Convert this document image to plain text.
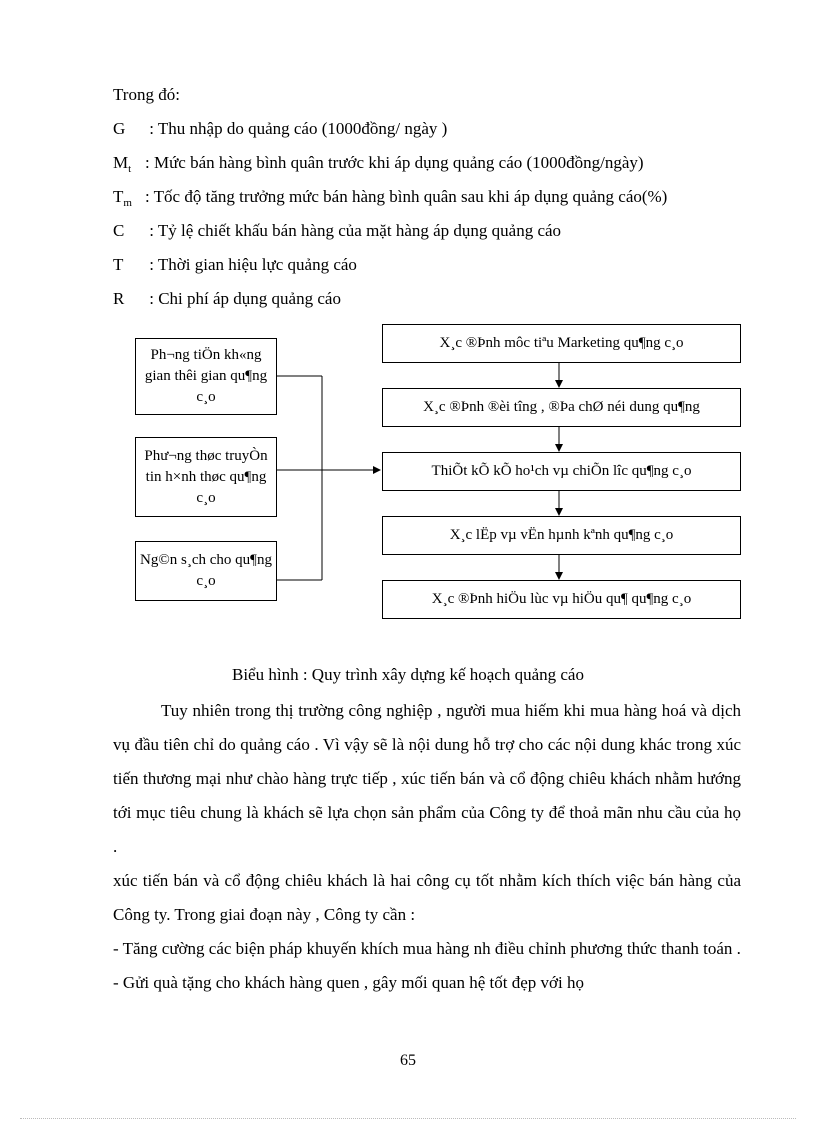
Trong đó:
G : Thu nhập do quảng cáo (1000đồng/ ngày )
$M_t$ : Mức bán hàng bình quân trước khi áp dụng quảng cáo (1000đồng/ngày)
$T_m$ : Tốc độ tăng trưởng mức bán hàng bình quân sau khi áp dụng quảng cáo(%)
C : Tỷ lệ chiết khấu bán hàng của mặt hàng áp dụng quảng cáo
T : Thời gian hiệu lực quảng cáo
R : Chi phí áp dụng quảng cáo
Ph¬ng tiÖn kh«ng gian thêi gian qu¶ng c¸o
Phư¬ng thøc truyÒn tin h×nh thøc qu¶ng c¸o
Ng©n s¸ch cho qu¶ng c¸o
X¸c ®Þnh môc tiªu Marketing qu¶ng c¸o
X¸c ®Þnh ®èi tîng , ®Þa chØ néi dung qu¶ng
ThiÕt kÕ kÕ ho¹ch vµ chiÕn lîc qu¶ng c¸o
X¸c lËp vµ vËn hµnh kªnh qu¶ng c¸o
X¸c ®Þnh hiÖu lùc vµ hiÖu qu¶ qu¶ng c¸o
Biểu hình : Quy trình xây dựng kế hoạch quảng cáo

Tuy nhiên trong thị trường công nghiệp , người mua hiếm khi mua hàng hoá và dịch vụ đầu tiên chỉ do quảng cáo . Vì vậy sẽ là nội dung hỗ trợ cho các nội dung khác trong xúc tiến thương mại như chào hàng trực tiếp , xúc tiến bán và cổ động chiêu khách nhằm hướng tới mục tiêu chung là khách sẽ lựa chọn sản phẩm của Công ty để thoả mãn nhu cầu của họ .

xúc tiến bán và cổ động chiêu khách là hai công cụ tốt nhằm kích thích việc bán hàng của Công ty. Trong giai đoạn này , Công ty cần :

- Tăng cường các biện pháp khuyến khích mua hàng nh điều chỉnh phương thức thanh toán .

- Gửi quà tặng cho khách hàng quen , gây mối quan hệ tốt đẹp với họ

65
